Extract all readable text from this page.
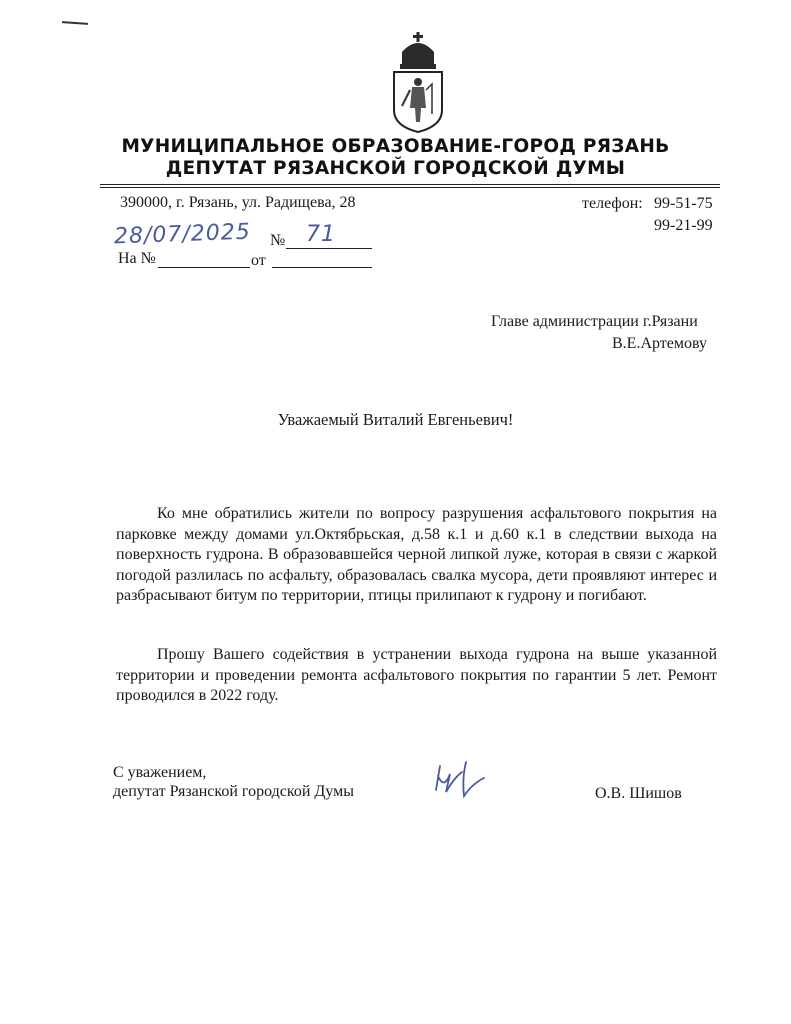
МУНИЦИПАЛЬНОЕ ОБРАЗОВАНИЕ-ГОРОД РЯЗАНЬ
ДЕПУТАТ РЯЗАНСКОЙ ГОРОДСКОЙ ДУМЫ
390000, г. Рязань, ул. Радищева, 28	телефон: 99-51-75
99-21-99
28/07/2025 № 71
На №	от
Главе администрации г.Рязани
В.Е.Артемову
Уважаемый Виталий Евгеньевич!
Ко мне обратились жители по вопросу разрушения асфальтового покрытия на парковке между домами ул.Октябрьская, д.58 к.1 и д.60 к.1 в следствии выхода на поверхность гудрона. В образовавшейся черной липкой луже, которая в связи с жаркой погодой разлилась по асфальту, образовалась свалка мусора, дети проявляют интерес и разбрасывают битум по территории, птицы прилипают к гудрону и погибают.
Прошу Вашего содействия в устранении выхода гудрона на выше указанной территории и проведении ремонта асфальтового покрытия по гарантии 5 лет. Ремонт проводился в 2022 году.
С уважением,
депутат Рязанской городской Думы	О.В. Шишов
